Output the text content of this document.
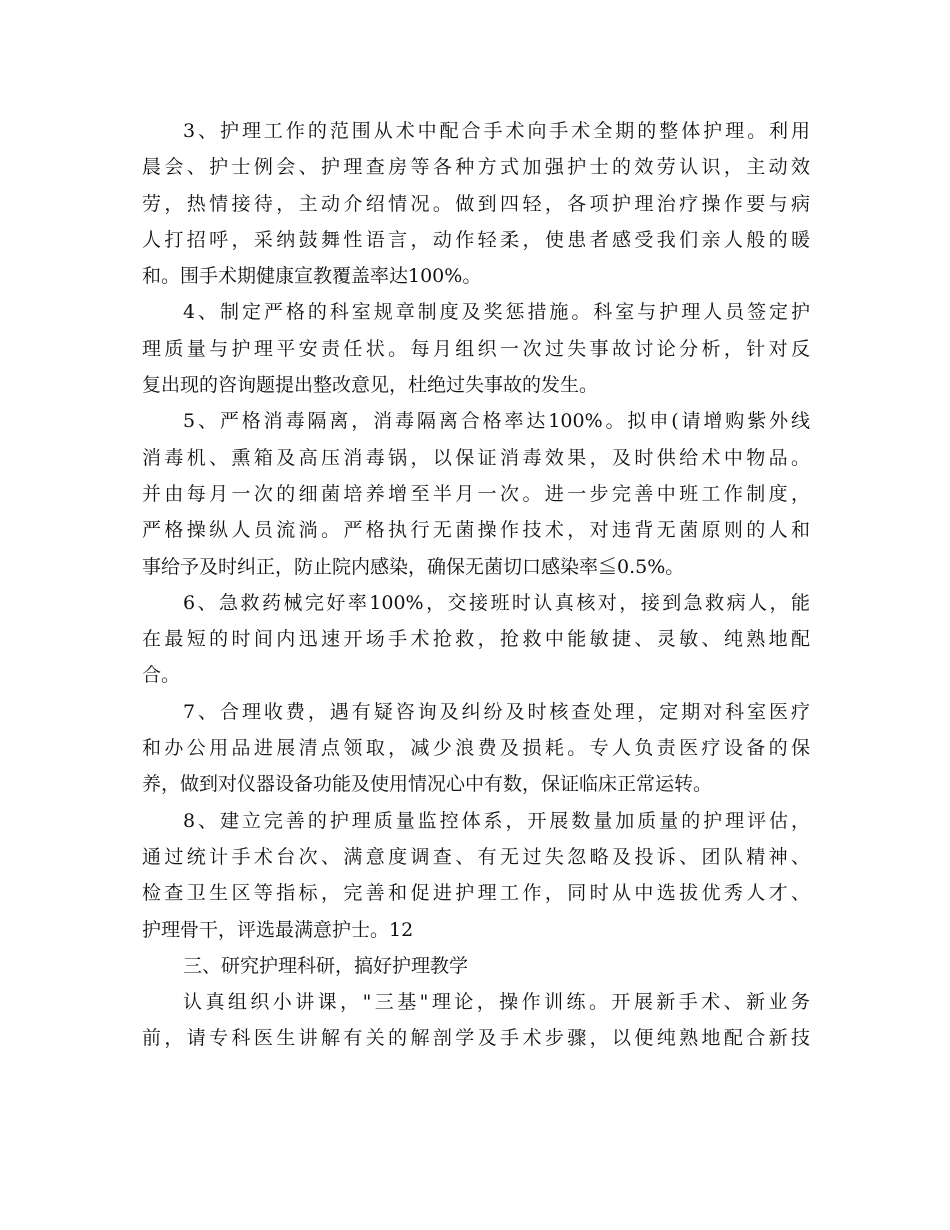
3、护理工作的范围从术中配合手术向手术全期的整体护理。利用
晨会、护士例会、护理查房等各种方式加强护士的效劳认识，主动效
劳，热情接待，主动介绍情况。做到四轻，各项护理治疗操作要与病
人打招呼，采纳鼓舞性语言，动作轻柔，使患者感受我们亲人般的暖
和。围手术期健康宣教覆盖率达100%。
4、制定严格的科室规章制度及奖惩措施。科室与护理人员签定护
理质量与护理平安责任状。每月组织一次过失事故讨论分析，针对反
复出现的咨询题提出整改意见，杜绝过失事故的发生。
5、严格消毒隔离，消毒隔离合格率达100%。拟申(请增购紫外线
消毒机、熏箱及高压消毒锅，以保证消毒效果，及时供给术中物品。
并由每月一次的细菌培养增至半月一次。进一步完善中班工作制度，
严格操纵人员流淌。严格执行无菌操作技术，对违背无菌原则的人和
事给予及时纠正，防止院内感染，确保无菌切口感染率≦0.5%。
6、急救药械完好率100%，交接班时认真核对，接到急救病人，能
在最短的时间内迅速开场手术抢救，抢救中能敏捷、灵敏、纯熟地配
合。
7、合理收费，遇有疑咨询及纠纷及时核查处理，定期对科室医疗
和办公用品进展清点领取，减少浪费及损耗。专人负责医疗设备的保
养，做到对仪器设备功能及使用情况心中有数，保证临床正常运转。
8、建立完善的护理质量监控体系，开展数量加质量的护理评估，
通过统计手术台次、满意度调查、有无过失忽略及投诉、团队精神、
检查卫生区等指标，完善和促进护理工作，同时从中选拔优秀人才、
护理骨干，评选最满意护士。12
三、研究护理科研，搞好护理教学
认真组织小讲课，"三基"理论，操作训练。开展新手术、新业务
前，请专科医生讲解有关的解剖学及手术步骤，以便纯熟地配合新技
